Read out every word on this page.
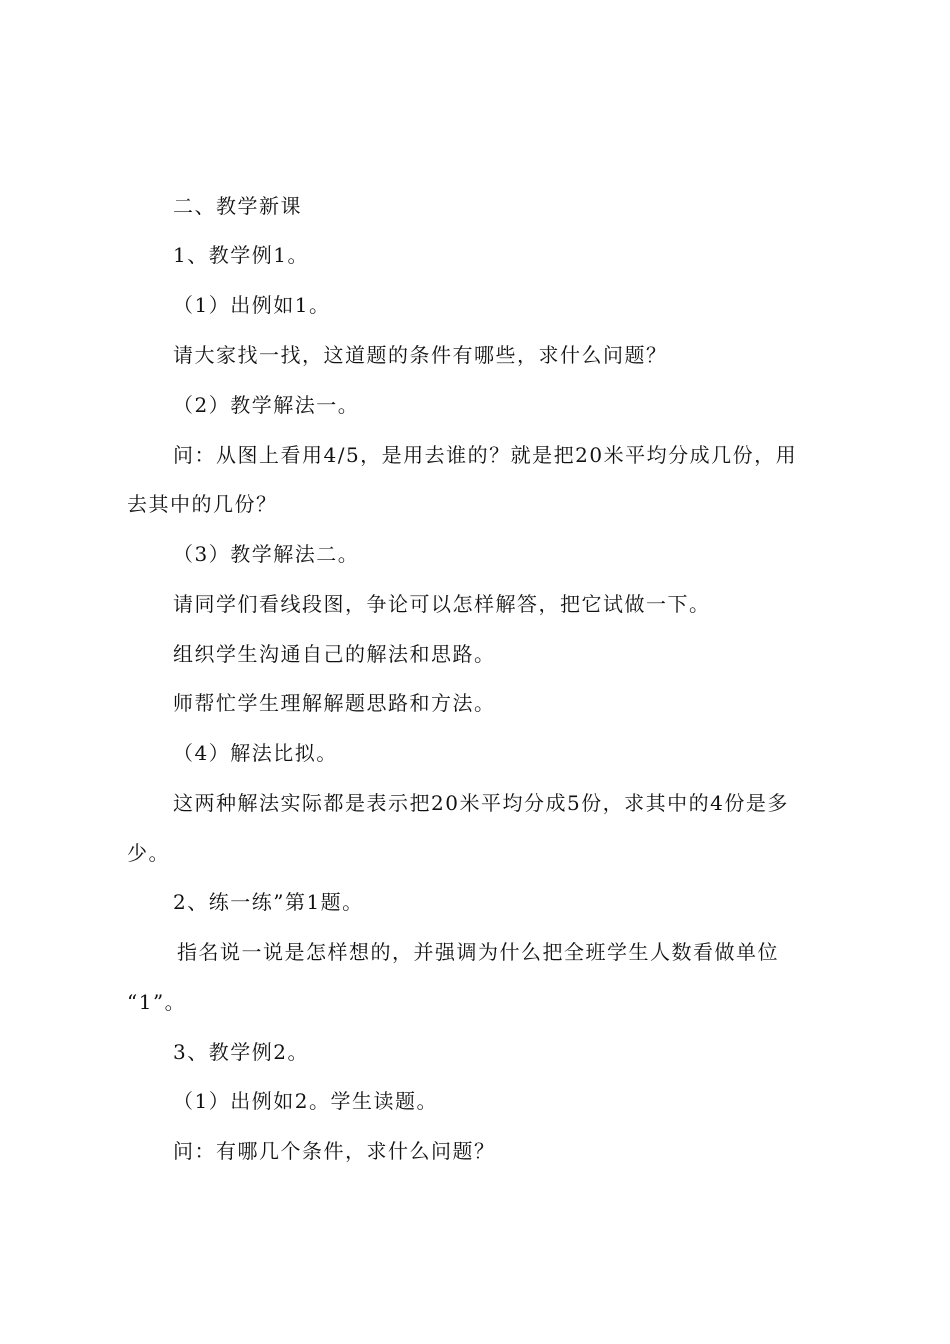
二、教学新课
1、教学例1。
（1）出例如1。
请大家找一找，这道题的条件有哪些，求什么问题？
（2）教学解法一。
问：从图上看用4/5，是用去谁的？就是把20米平均分成几份，用
去其中的几份？
（3）教学解法二。
请同学们看线段图，争论可以怎样解答，把它试做一下。
组织学生沟通自己的解法和思路。
师帮忙学生理解解题思路和方法。
（4）解法比拟。
这两种解法实际都是表示把20米平均分成5份，求其中的4份是多
少。
2、练一练”第1题。
指名说一说是怎样想的，并强调为什么把全班学生人数看做单位
“1”。
3、教学例2。
（1）出例如2。学生读题。
问：有哪几个条件，求什么问题？
